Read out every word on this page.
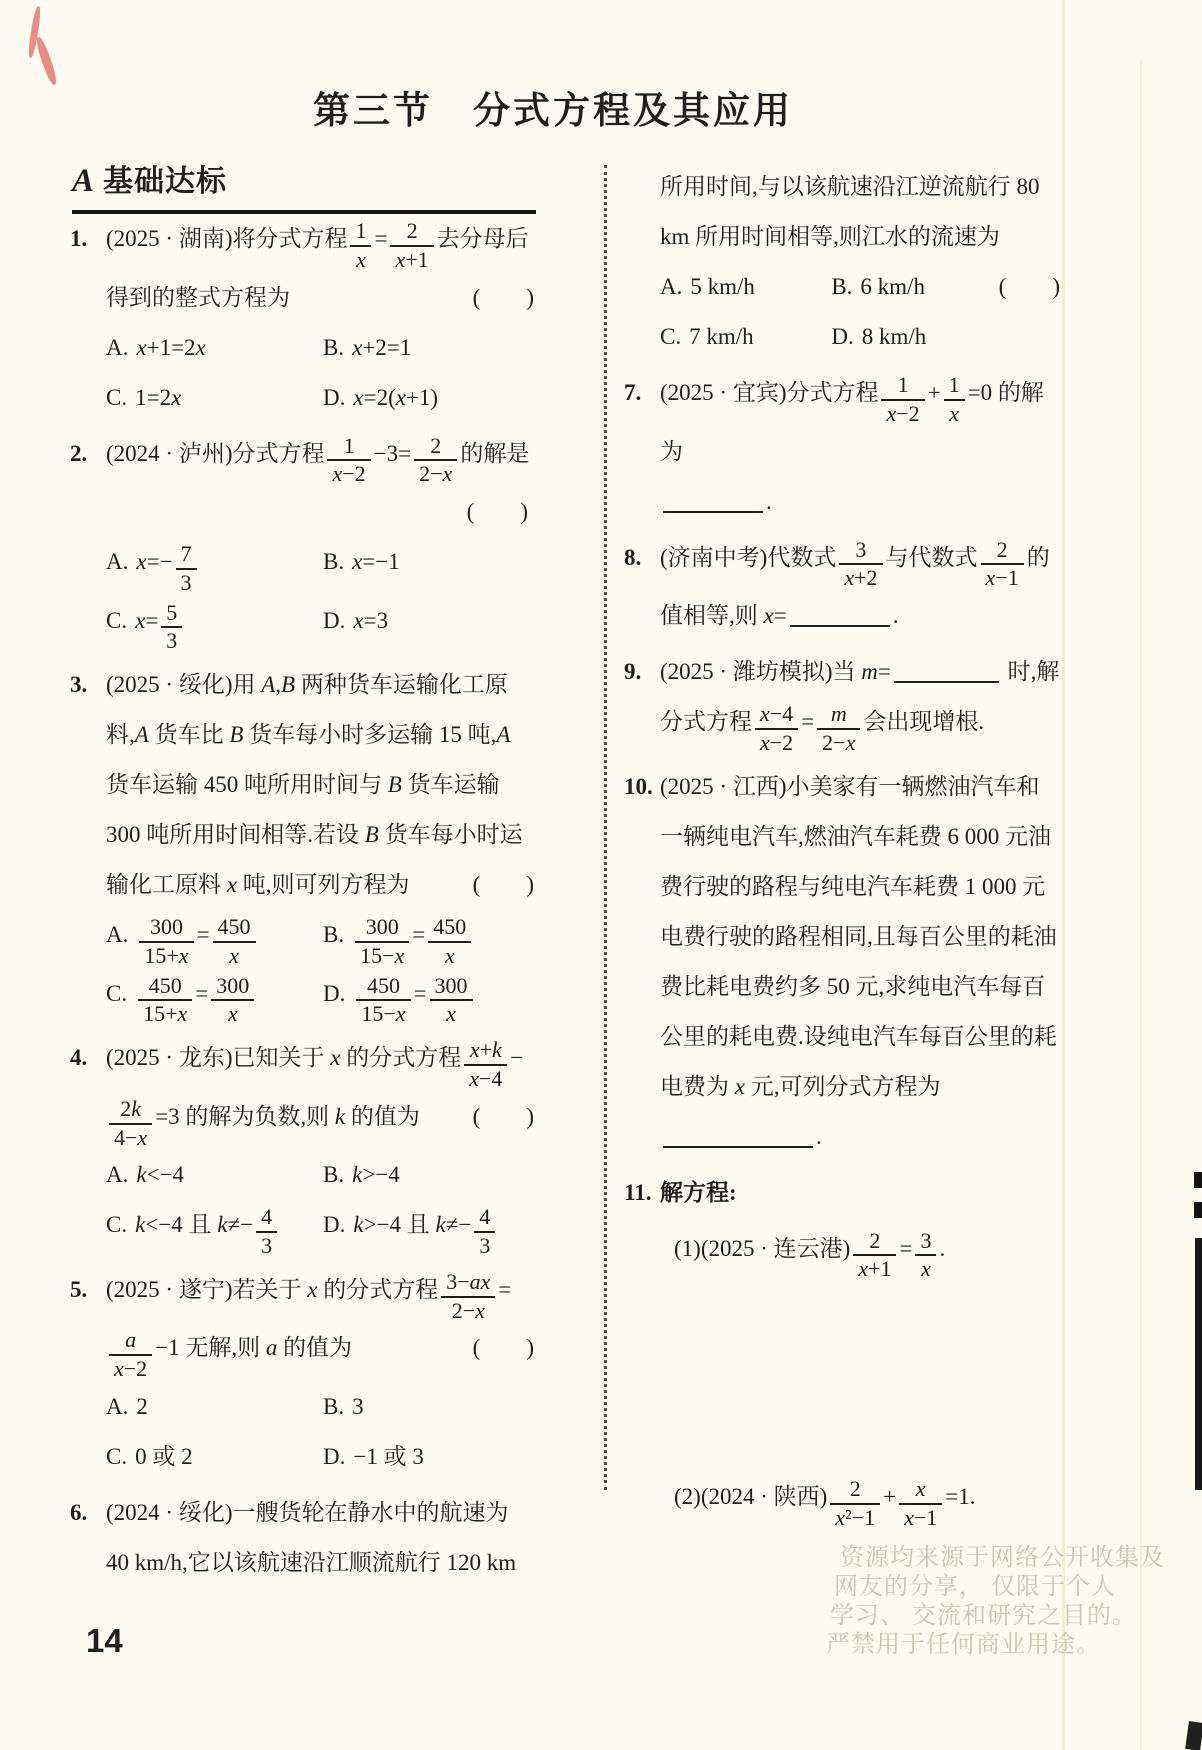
第三节　分式方程及其应用
A 基础达标
1. (2025 · 湖南)将分式方程 $\frac{1}{x} = \frac{2}{x+1}$ 去分母后得到的整式方程为	(　　)
A. x+1=2x	B. x+2=1
C. 1=2x	D. x=2(x+1)
2. (2024 · 泸州)分式方程 $\frac{1}{x-2} -3= \frac{2}{2-x}$ 的解是
(　　)
A. $x=- \frac{7}{3}$	B. x=−1
C. $x= \frac{5}{3}$	D. x=3
3. (2025 · 绥化)用 A,B 两种货车运输化工原料,A 货车比 B 货车每小时多运输 15 吨,A 货车运输 450 吨所用时间与 B 货车运输 300 吨所用时间相等.若设 B 货车每小时运输化工原料 x 吨,则可列方程为	(　　)
A. $\frac{300}{15+x} = \frac{450}{x}$	B. $\frac{300}{15-x} = \frac{450}{x}$
C. $\frac{450}{15+x} = \frac{300}{x}$	D. $\frac{450}{15-x} = \frac{300}{x}$
4. (2025 · 龙东)已知关于 x 的分式方程 $\frac{x+k}{x-4}$ −
$\frac{2k}{4-x} =3$ 的解为负数,则 k 的值为 (　　)
A. k<−4	B. k>−4
C. k<−4 且 $k\ne- \frac{4}{3} D$. k>−4 且 $k\ne- \frac{4}{3}$
5. (2025 · 遂宁)若关于 x 的分式方程 $\frac{3-ax}{2-x}$ =
$\frac{a}{x-2} -1$ 无解,则 a 的值为	(　　)
A. 2	B. 3
C. 0 或 2	D. −1 或 3
6. (2024 · 绥化)一艘货轮在静水中的航速为 40 km/h,它以该航速沿江顺流航行 120 km
所用时间,与以该航速沿江逆流航行 80 km 所用时间相等,则江水的流速为
(　　)
A. 5 km/h	B. 6 km/h
C. 7 km/h	D. 8 km/h
7. (2025 · 宜宾)分式方程 $\frac{1}{x-2} + \frac{1}{x} =0$ 的解为
.
8. (济南中考)代数式 $\frac{3}{x+2}$ 与代数式 $\frac{2}{x-1}$ 的值相等,则 x=	.
9. (2025 · 潍坊模拟)当 m=	时,解分式方程 $\frac{x-4}{x-2} = \frac{m}{2-x}$ 会出现增根.
10. (2025 · 江西)小美家有一辆燃油汽车和一辆纯电汽车,燃油汽车耗费 6 000 元油费行驶的路程与纯电汽车耗费 1 000 元电费行驶的路程相同,且每百公里的耗油费比耗电费约多 50 元,求纯电汽车每百公里的耗电费.设纯电汽车每百公里的耗电费为 x 元,可列分式方程为.
11. 解方程:
(1)(2025 · 连云港) $\frac{2}{x+1} = \frac{3}{x}$ .
(2)(2024 · 陕西) $\frac{2}{\text{x²−1}} + \frac{x}{x-1} =1$.
14
资源均来源于网络公开收集及
网友的分享， 仅限于个人
学习、 交流和研究之目的。
严禁用于任何商业用途。
